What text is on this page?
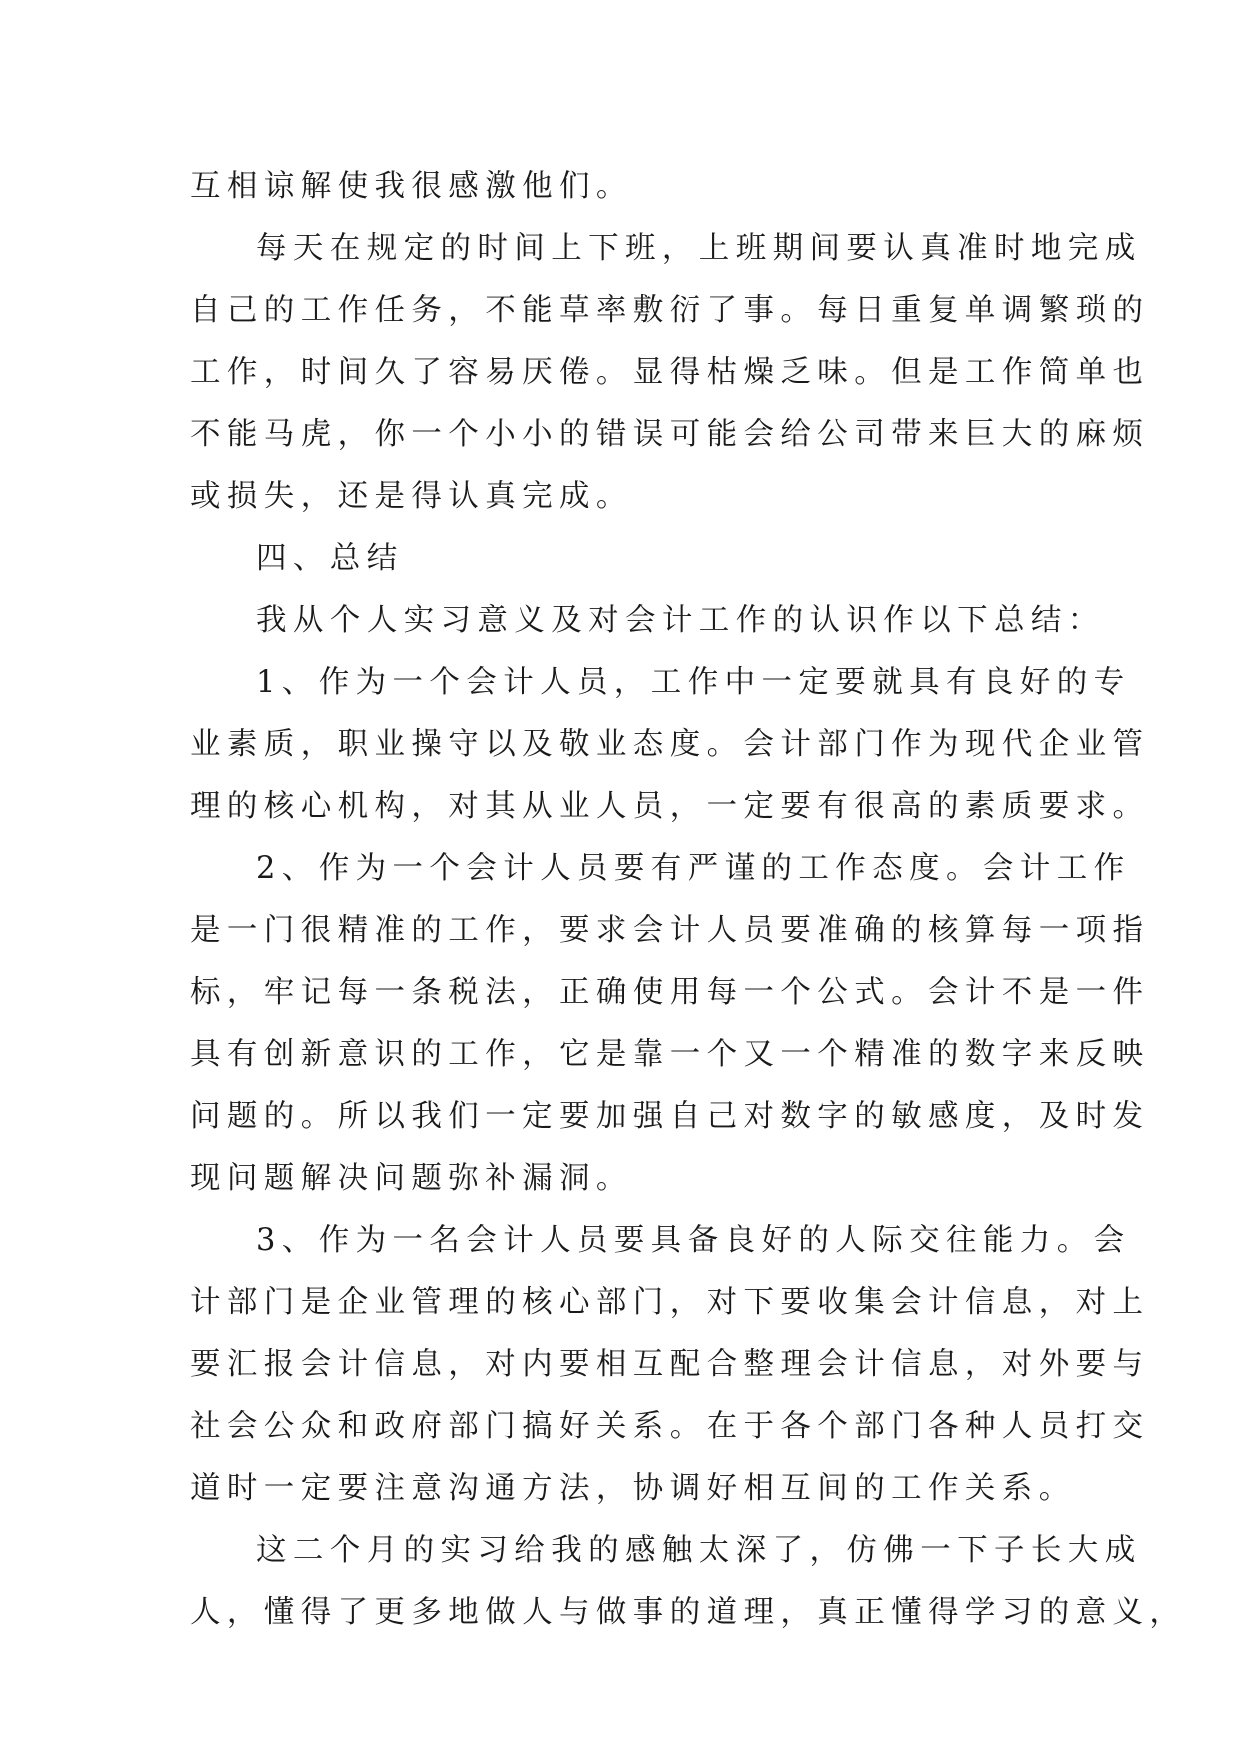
互相谅解使我很感激他们。
每天在规定的时间上下班，上班期间要认真准时地完成
自己的工作任务，不能草率敷衍了事。每日重复单调繁琐的
工作，时间久了容易厌倦。显得枯燥乏味。但是工作简单也
不能马虎，你一个小小的错误可能会给公司带来巨大的麻烦
或损失，还是得认真完成。
四、总结
我从个人实习意义及对会计工作的认识作以下总结：
1、作为一个会计人员，工作中一定要就具有良好的专
业素质，职业操守以及敬业态度。会计部门作为现代企业管
理的核心机构，对其从业人员，一定要有很高的素质要求。
2、作为一个会计人员要有严谨的工作态度。会计工作
是一门很精准的工作，要求会计人员要准确的核算每一项指
标，牢记每一条税法，正确使用每一个公式。会计不是一件
具有创新意识的工作，它是靠一个又一个精准的数字来反映
问题的。所以我们一定要加强自己对数字的敏感度，及时发
现问题解决问题弥补漏洞。
3、作为一名会计人员要具备良好的人际交往能力。会
计部门是企业管理的核心部门，对下要收集会计信息，对上
要汇报会计信息，对内要相互配合整理会计信息，对外要与
社会公众和政府部门搞好关系。在于各个部门各种人员打交
道时一定要注意沟通方法，协调好相互间的工作关系。
这二个月的实习给我的感触太深了，仿佛一下子长大成
人，懂得了更多地做人与做事的道理，真正懂得学习的意义，
